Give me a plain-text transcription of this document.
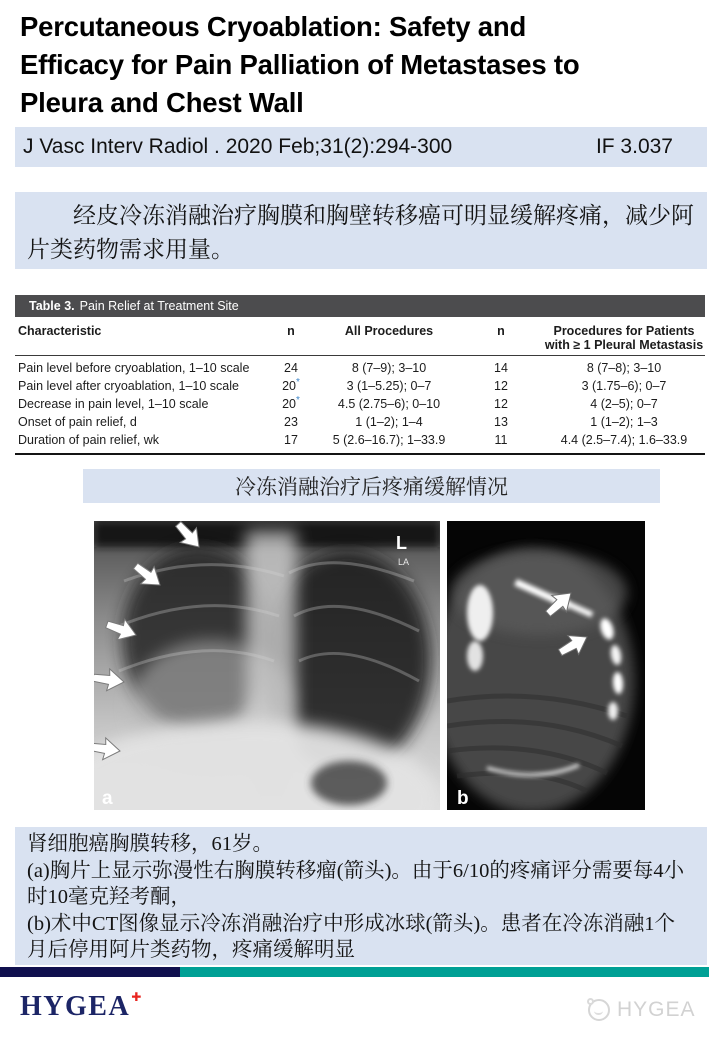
Percutaneous Cryoablation: Safety and
Efficacy for Pain Palliation of Metastases to
Pleura and Chest Wall
J Vasc Interv Radiol . 2020 Feb;31(2):294-300	IF 3.037

经皮冷冻消融治疗胸膜和胸壁转移癌可明显缓解疼痛，减少阿片类药物需求用量。

Table 3. Pain Relief at Treatment Site
Characteristic	n	All Procedures	n	Procedures for Patients with ≥ 1 Pleural Metastasis
Pain level before cryoablation, 1–10 scale	24	8 (7–9); 3–10	14	8 (7–8); 3–10
Pain level after cryoablation, 1–10 scale	20*	3 (1–5.25); 0–7	12	3 (1.75–6); 0–7
Decrease in pain level, 1–10 scale	20*	4.5 (2.75–6); 0–10	12	4 (2–5); 0–7
Onset of pain relief, d	23	1 (1–2); 1–4	13	1 (1–2); 1–3
Duration of pain relief, wk	17	5 (2.6–16.7); 1–33.9	11	4.4 (2.5–7.4); 1.6–33.9
冷冻消融治疗后疼痛缓解情况
L
LA
a	b
肾细胞癌胸膜转移，61岁。
(a)胸片上显示弥漫性右胸膜转移瘤(箭头)。由于6/10的疼痛评分需要每4小时10毫克羟考酮，
(b)术中CT图像显示冷冻消融治疗中形成冰球(箭头)。患者在冷冻消融1个月后停用阿片类药物，疼痛缓解明显
HYGEA✚
HYGEA
